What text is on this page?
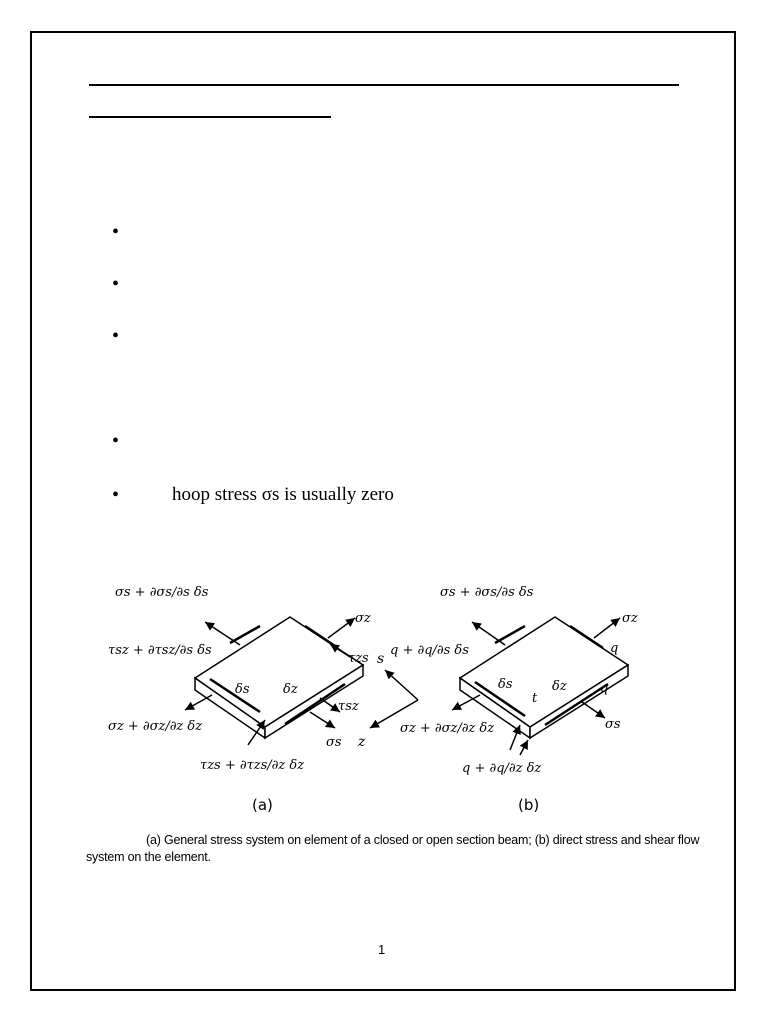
•
•
•
•
•	hoop stress σs is usually zero
σs + ∂σs/∂s δs
τsz + ∂τsz/∂s δs
σz + ∂σz/∂z δz
τzs + ∂τzs/∂z δz
σz
τzs
τsz
σs
δs	δz
(a)
s
z
σs + ∂σs/∂s δs
q + ∂q/∂s δs
σz + ∂σz/∂z δz
q + ∂q/∂z δz
σz
q
q
σs
t
δs	δz
(b)
(a) General stress system on element of a closed or open section beam; (b) direct stress and shear flow
system on the element.
1
